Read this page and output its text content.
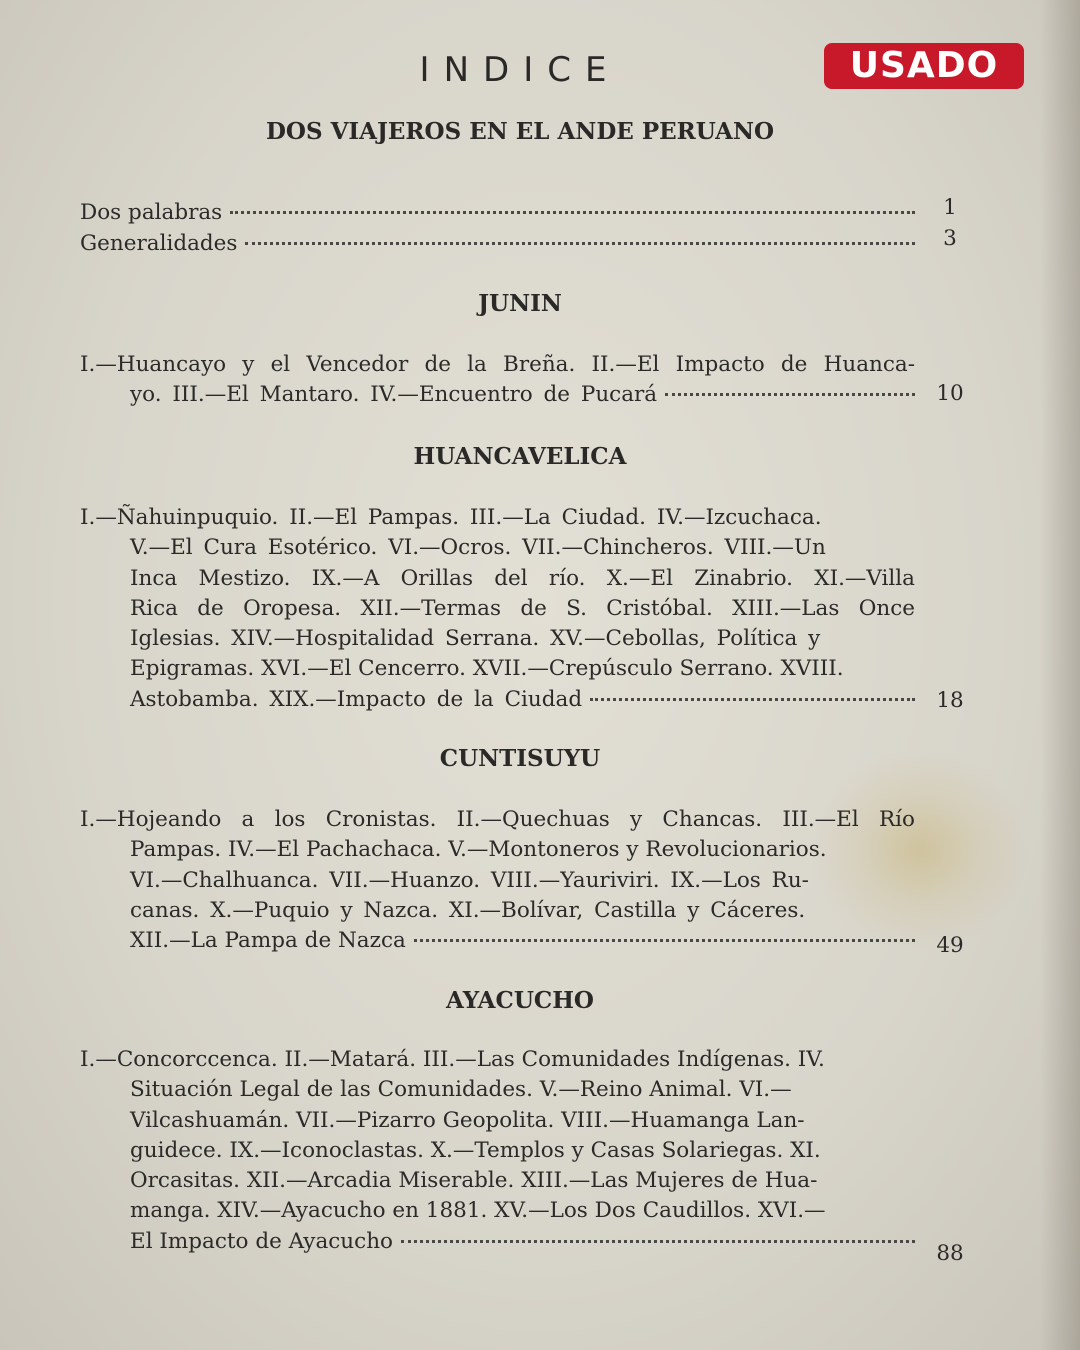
USADO
INDICE
DOS VIAJEROS EN EL ANDE PERUANO
Dos palabras	1
Generalidades	3
JUNIN
I.—Huancayo y el Vencedor de la Breña. II.—El Impacto de Huanca-
yo. III.—El Mantaro. IV.—Encuentro de Pucará	10
HUANCAVELICA
I.—Ñahuinpuquio. II.—El Pampas. III.—La Ciudad. IV.—Izcuchaca.
V.—El Cura Esotérico. VI.—Ocros. VII.—Chincheros. VIII.—Un
Inca Mestizo. IX.—A Orillas del río. X.—El Zinabrio. XI.—Villa
Rica de Oropesa. XII.—Termas de S. Cristóbal. XIII.—Las Once
Iglesias. XIV.—Hospitalidad Serrana. XV.—Cebollas, Política y
Epigramas. XVI.—El Cencerro. XVII.—Crepúsculo Serrano. XVIII.
Astobamba. XIX.—Impacto de la Ciudad	18
CUNTISUYU
I.—Hojeando a los Cronistas. II.—Quechuas y Chancas. III.—El Río
Pampas. IV.—El Pachachaca. V.—Montoneros y Revolucionarios.
VI.—Chalhuanca. VII.—Huanzo. VIII.—Yauriviri. IX.—Los Ru-
canas. X.—Puquio y Nazca. XI.—Bolívar, Castilla y Cáceres.
XII.—La Pampa de Nazca	49
AYACUCHO
I.—Concorccenca. II.—Matará. III.—Las Comunidades Indígenas. IV.
Situación Legal de las Comunidades. V.—Reino Animal. VI.—
Vilcashuamán. VII.—Pizarro Geopolita. VIII.—Huamanga Lan-
guidece. IX.—Iconoclastas. X.—Templos y Casas Solariegas. XI.
Orcasitas. XII.—Arcadia Miserable. XIII.—Las Mujeres de Hua-
manga. XIV.—Ayacucho en 1881. XV.—Los Dos Caudillos. XVI.—
El Impacto de Ayacucho	88
